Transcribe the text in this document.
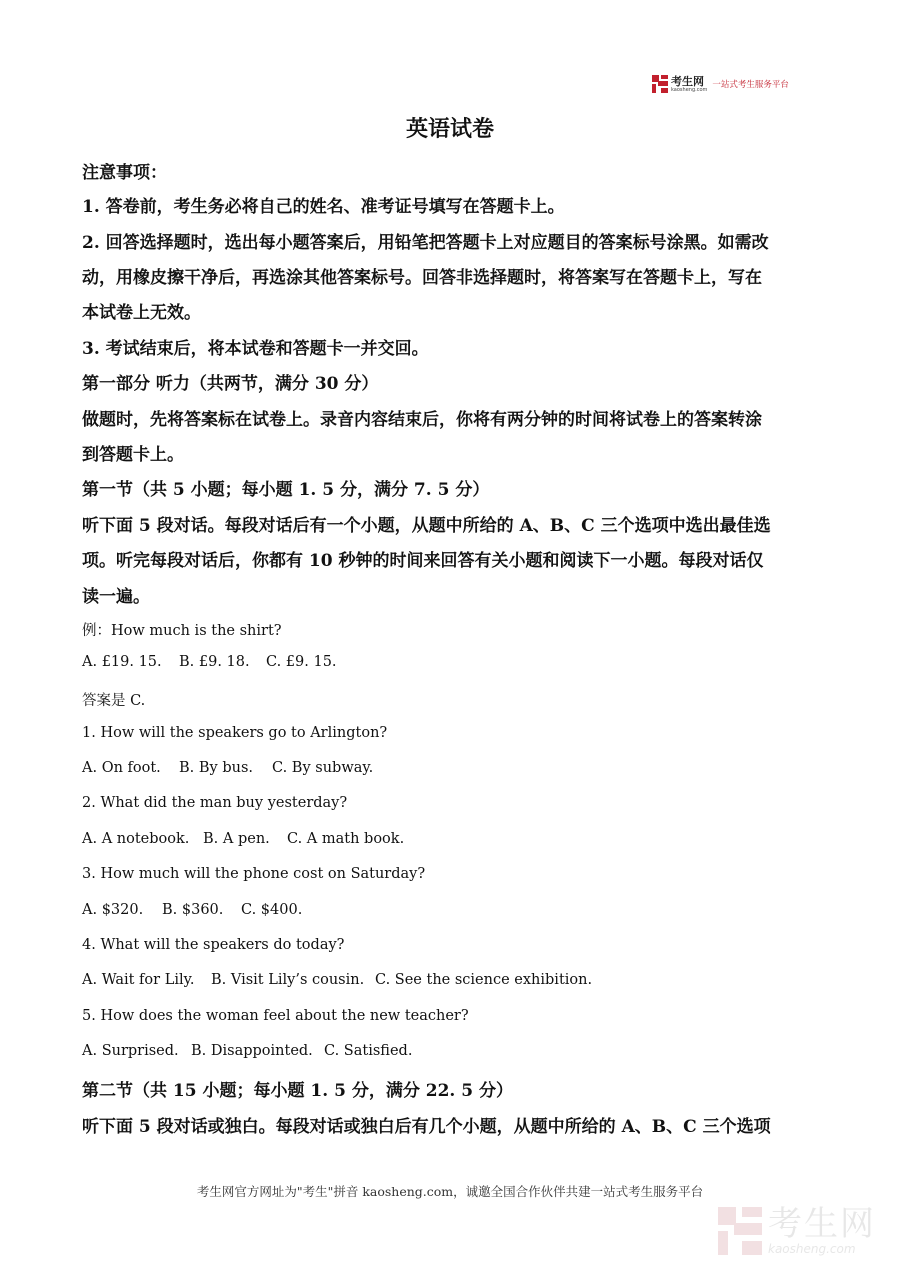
考生网
kaosheng.com 一站式考生服务平台
英语试卷
注意事项：
1. 答卷前，考生务必将自己的姓名、准考证号填写在答题卡上。
2. 回答选择题时，选出每小题答案后，用铅笔把答题卡上对应题目的答案标号涂黑。如需改
动，用橡皮擦干净后，再选涂其他答案标号。回答非选择题时，将答案写在答题卡上，写在
本试卷上无效。
3. 考试结束后，将本试卷和答题卡一并交回。
第一部分 听力（共两节，满分 30 分）
做题时，先将答案标在试卷上。录音内容结束后，你将有两分钟的时间将试卷上的答案转涂
到答题卡上。
第一节（共 5 小题；每小题 1. 5 分，满分 7. 5 分）
听下面 5 段对话。每段对话后有一个小题，从题中所给的 A、B、C 三个选项中选出最佳选
项。听完每段对话后，你都有 10 秒钟的时间来回答有关小题和阅读下一小题。每段对话仅
读一遍。
例：How much is the shirt?
A. £19. 15. B. £9. 18. C. £9. 15.
答案是 C.
1. How will the speakers go to Arlington?
A. On foot. B. By bus. C. By subway.
2. What did the man buy yesterday?
A. A notebook. B. A pen. C. A math book.
3. How much will the phone cost on Saturday?
A. $320. B. $360. C. $400.
4. What will the speakers do today?
A. Wait for Lily. B. Visit Lily’s cousin. C. See the science exhibition.
5. How does the woman feel about the new teacher?
A. Surprised. B. Disappointed. C. Satisfied.
第二节（共 15 小题；每小题 1. 5 分，满分 22. 5 分）
听下面 5 段对话或独白。每段对话或独白后有几个小题，从题中所给的 A、B、C 三个选项
考生网官方网址为"考生"拼音 kaosheng.com，诚邀全国合作伙伴共建一站式考生服务平台
考生网
kaosheng.com
